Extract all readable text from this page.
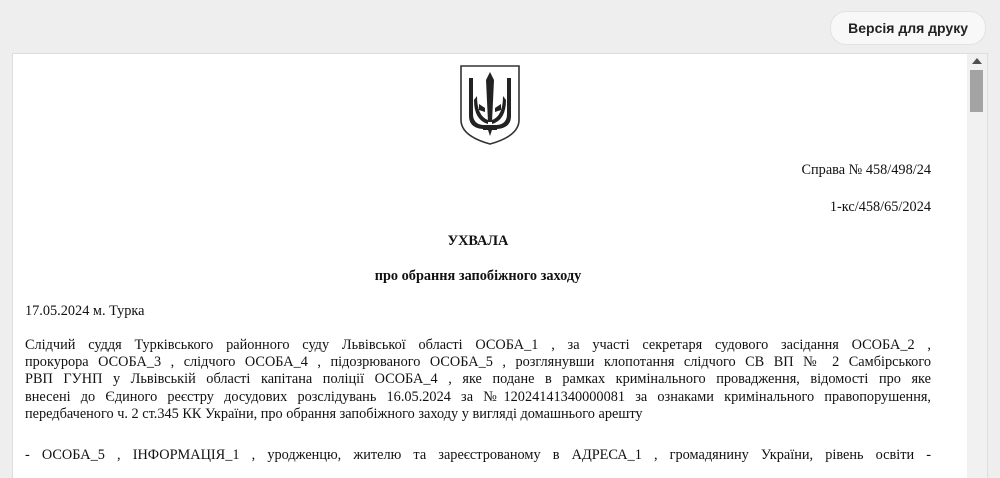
Версія для друку
Справа № 458/498/24
1-кс/458/65/2024
УХВАЛА
про обрання запобіжного заходу
17.05.2024 м. Турка
Слідчий суддя Турківського районного суду Львівської області ОСОБА_1 , за участі секретаря судового засідання ОСОБА_2 ,
прокурора ОСОБА_3 , слідчого ОСОБА_4 , підозрюваного ОСОБА_5 , розглянувши клопотання слідчого СВ ВП № 2 Самбірського
РВП ГУНП у Львівській області капітана поліції ОСОБА_4 , яке подане в рамках кримінального провадження, відомості про яке
внесені до Єдиного реєстру досудових розслідувань 16.05.2024 за №12024141340000081 за ознаками кримінального правопорушення,
передбаченого ч. 2 ст.345 КК України, про обрання запобіжного заходу у вигляді домашнього арешту
- ОСОБА_5 , ІНФОРМАЦІЯ_1 , уродженцю, жителю та зареєстрованому в АДРЕСА_1 , громадянину України, рівень освіти -
